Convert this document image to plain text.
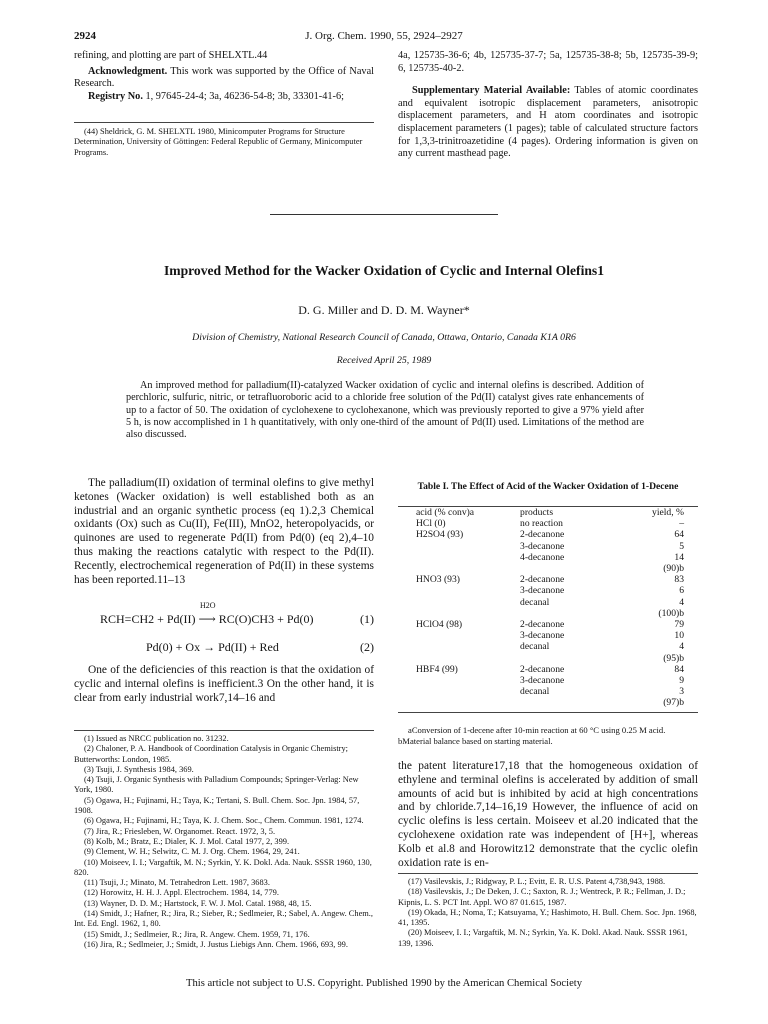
2924	J. Org. Chem. 1990, 55, 2924–2927
refining, and plotting are part of SHELXTL.44
Acknowledgment. This work was supported by the Office of Naval Research.
Registry No. 1, 97645-24-4; 3a, 46236-54-8; 3b, 33301-41-6;

(44) Sheldrick, G. M. SHELXTL 1980, Minicomputer Programs for Structure Determination, University of Göttingen: Federal Republic of Germany, Minicomputer Programs.

4a, 125735-36-6; 4b, 125735-37-7; 5a, 125735-38-8; 5b, 125735-39-9; 6, 125735-40-2.
Supplementary Material Available: Tables of atomic coordinates and equivalent isotropic displacement parameters, anisotropic displacement parameters, and H atom coordinates and isotropic displacement parameters (1 pages); table of calculated structure factors for 1,3,3-trinitroazetidine (4 pages). Ordering information is given on any current masthead page.
Improved Method for the Wacker Oxidation of Cyclic and Internal Olefins1
D. G. Miller and D. D. M. Wayner*
Division of Chemistry, National Research Council of Canada, Ottawa, Ontario, Canada K1A 0R6
Received April 25, 1989
An improved method for palladium(II)-catalyzed Wacker oxidation of cyclic and internal olefins is described. Addition of perchloric, sulfuric, nitric, or tetrafluoroboric acid to a chloride free solution of the Pd(II) catalyst gives rate enhancements of up to a factor of 50. The oxidation of cyclohexene to cyclohexanone, which was previously reported to give a 97% yield after 5 h, is now accomplished in 1 h quantitatively, with only one-third of the amount of Pd(II) used. Limitations of the method are also discussed.
The palladium(II) oxidation of terminal olefins to give methyl ketones (Wacker oxidation) is well established both as an industrial and an organic synthetic process (eq 1).2,3 Chemical oxidants (Ox) such as Cu(II), Fe(III), MnO2, heteropolyacids, or quinones are used to regenerate Pd(II) from Pd(0) (eq 2),4–10 thus making the reactions catalytic with respect to the Pd(II). Recently, electrochemical regeneration of Pd(II) in these systems has been reported.11–13
H2O
RCH=CH2 + Pd(II) ⟶ RC(O)CH3 + Pd(0)	(1)
Pd(0) + Ox → Pd(II) + Red	(2)
One of the deficiencies of this reaction is that the oxidation of cyclic and internal olefins is inefficient.3 On the other hand, it is clear from early industrial work7,14–16 and

(1) Issued as NRCC publication no. 31232.

(2) Chaloner, P. A. Handbook of Coordination Catalysis in Organic Chemistry; Butterworths: London, 1985.

(3) Tsuji, J. Synthesis 1984, 369.

(4) Tsuji, J. Organic Synthesis with Palladium Compounds; Springer-Verlag: New York, 1980.

(5) Ogawa, H.; Fujinami, H.; Taya, K.; Tertani, S. Bull. Chem. Soc. Jpn. 1984, 57, 1908.

(6) Ogawa, H.; Fujinami, H.; Taya, K. J. Chem. Soc., Chem. Commun. 1981, 1274.

(7) Jira, R.; Friesleben, W. Organomet. React. 1972, 3, 5.

(8) Kolb, M.; Bratz, E.; Dialer, K. J. Mol. Catal 1977, 2, 399.

(9) Clement, W. H.; Selwitz, C. M. J. Org. Chem. 1964, 29, 241.

(10) Moiseev, I. I.; Vargaftik, M. N.; Syrkin, Y. K. Dokl. Ada. Nauk. SSSR 1960, 130, 820.

(11) Tsuji, J.; Minato, M. Tetrahedron Lett. 1987, 3683.

(12) Horowitz, H. H. J. Appl. Electrochem. 1984, 14, 779.

(13) Wayner, D. D. M.; Hartstock, F. W. J. Mol. Catal. 1988, 48, 15.

(14) Smidt, J.; Hafner, R.; Jira, R.; Sieber, R.; Sedlmeier, R.; Sabel, A. Angew. Chem., Int. Ed. Engl. 1962, 1, 80.

(15) Smidt, J.; Sedlmeier, R.; Jira, R. Angew. Chem. 1959, 71, 176.

(16) Jira, R.; Sedlmeier, J.; Smidt, J. Justus Liebigs Ann. Chem. 1966, 693, 99.

Table I. The Effect of Acid of the Wacker Oxidation of 1-Decene
acid (% conv)a	products	yield, %
HCl (0)	no reaction	–
H2SO4 (93)	2-decanone	64
	3-decanone	5
	4-decanone	14
		(90)b
HNO3 (93)	2-decanone	83
	3-decanone	6
	decanal	4
		(100)b
HClO4 (98)	2-decanone	79
	3-decanone	10
	decanal	4
		(95)b
HBF4 (99)	2-decanone	84
	3-decanone	9
	decanal	3
		(97)b
aConversion of 1-decene after 10-min reaction at 60 °C using 0.25 M acid. bMaterial balance based on starting material.
the patent literature17,18 that the homogeneous oxidation of ethylene and terminal olefins is accelerated by addition of small amounts of acid but is inhibited by acid at high concentrations and by chloride.7,14–16,19 However, the influence of acid on cyclic olefins is less certain. Moiseev et al.20 indicated that the cyclohexene oxidation rate was independent of [H+], whereas Kolb et al.8 and Horowitz12 demonstrate that the cyclic olefin oxidation rate is en-

(17) Vasilevskis, J.; Ridgway, P. L.; Evitt, E. R. U.S. Patent 4,738,943, 1988.

(18) Vasilevskis, J.; De Deken, J. C.; Saxton, R. J.; Wentreck, P. R.; Fellman, J. D.; Kipnis, L. S. PCT Int. Appl. WO 87 01.615, 1987.

(19) Okada, H.; Noma, T.; Katsuyama, Y.; Hashimoto, H. Bull. Chem. Soc. Jpn. 1968, 41, 1395.

(20) Moiseev, I. I.; Vargaftik, M. N.; Syrkin, Ya. K. Dokl. Akad. Nauk. SSSR 1961, 139, 1396.

This article not subject to U.S. Copyright. Published 1990 by the American Chemical Society
